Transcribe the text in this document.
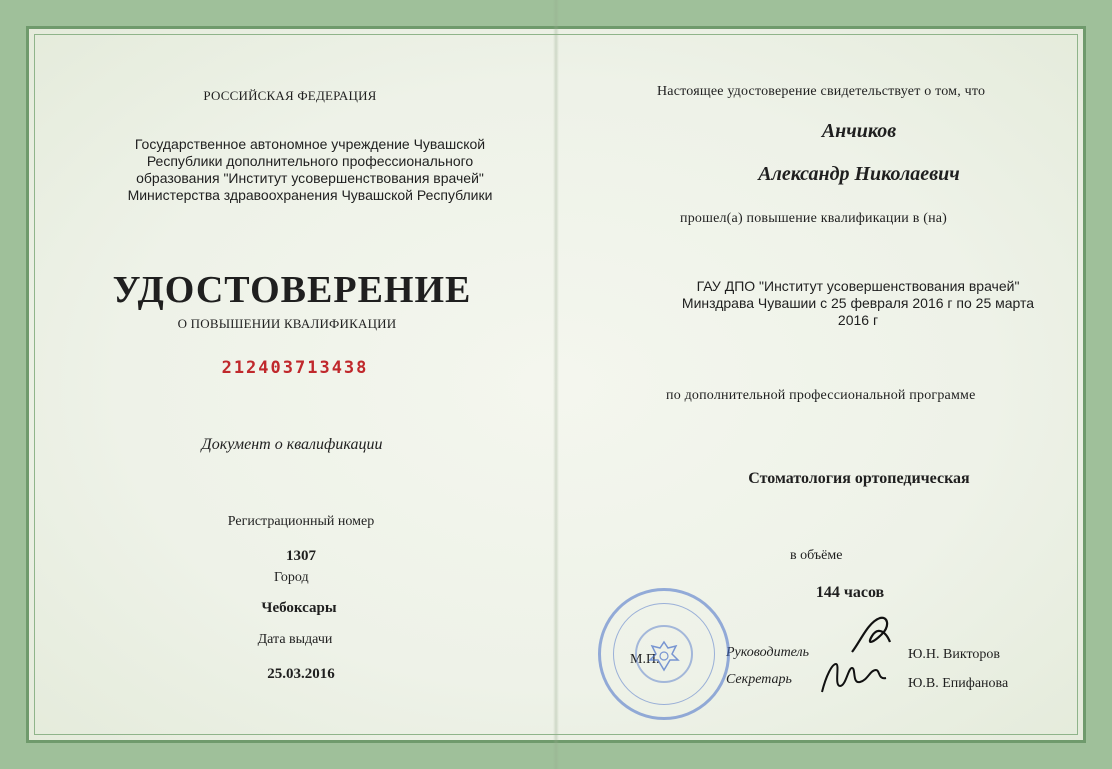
РОССИЙСКАЯ ФЕДЕРАЦИЯ
Государственное автономное учреждение Чувашской
Республики дополнительного профессионального
образования "Институт усовершенствования врачей"
Министерства здравоохранения Чувашской Республики
УДОСТОВЕРЕНИЕ
О ПОВЫШЕНИИ КВАЛИФИКАЦИИ
212403713438
Документ о квалификации
Регистрационный номер
1307
Город
Чебоксары
Дата выдачи
25.03.2016
Настоящее удостоверение свидетельствует о том, что
Анчиков
Александр Николаевич
прошел(а) повышение квалификации в (на)
ГАУ ДПО "Институт усовершенствования врачей"
Минздрава Чувашии с 25 февраля 2016 г по 25 марта
2016 г
по дополнительной профессиональной программе
Стоматология ортопедическая
в объёме
144 часов
М.П.	Руководитель
Секретарь
Ю.Н. Викторов
Ю.В. Епифанова
